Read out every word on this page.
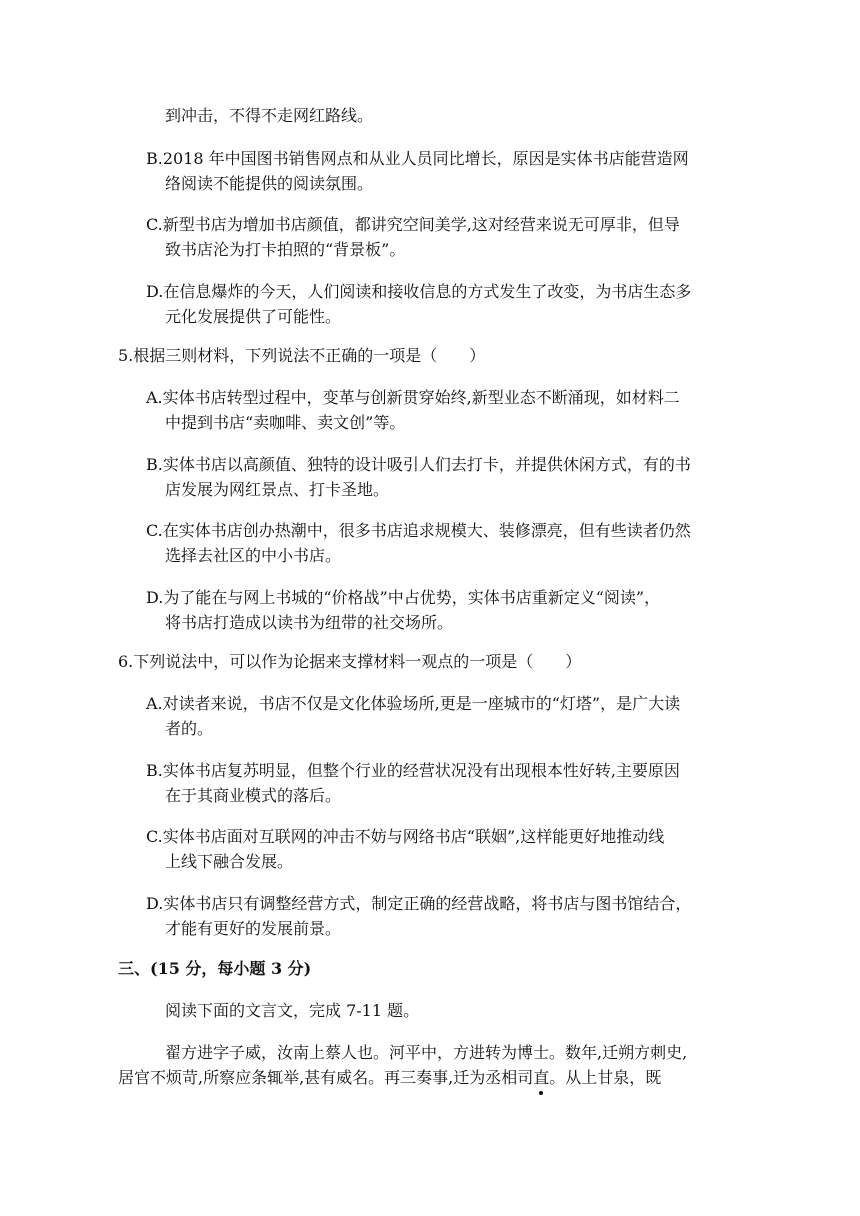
到冲击，不得不走网红路线。
B.2018 年中国图书销售网点和从业人员同比增长，原因是实体书店能营造网
络阅读不能提供的阅读氛围。
C.新型书店为增加书店颜值，都讲究空间美学,这对经营来说无可厚非，但导
致书店沦为打卡拍照的“背景板”。
D.在信息爆炸的今天，人们阅读和接收信息的方式发生了改变，为书店生态多
元化发展提供了可能性。
5.根据三则材料，下列说法不正确的一项是（　　）
A.实体书店转型过程中，变革与创新贯穿始终,新型业态不断涌现，如材料二
中提到书店“卖咖啡、卖文创”等。
B.实体书店以高颜值、独特的设计吸引人们去打卡，并提供休闲方式，有的书
店发展为网红景点、打卡圣地。
C.在实体书店创办热潮中，很多书店追求规模大、装修漂亮，但有些读者仍然
选择去社区的中小书店。
D.为了能在与网上书城的“价格战”中占优势，实体书店重新定义“阅读”，
将书店打造成以读书为纽带的社交场所。
6.下列说法中，可以作为论据来支撑材料一观点的一项是（　　）
A.对读者来说，书店不仅是文化体验场所,更是一座城市的“灯塔”，是广大读
者的。
B.实体书店复苏明显，但整个行业的经营状况没有出现根本性好转,主要原因
在于其商业模式的落后。
C.实体书店面对互联网的冲击不妨与网络书店“联姻”,这样能更好地推动线
上线下融合发展。
D.实体书店只有调整经营方式，制定正确的经营战略，将书店与图书馆结合，
才能有更好的发展前景。
三、(15 分，每小题 3 分)
阅读下面的文言文，完成 7-11 题。
翟方进字子威，汝南上蔡人也。河平中，方进转为博士。数年,迁朔方刺史,
居官不烦苛,所察应条辄举,甚有威名。再三奏事,迁为丞相司直
。从上甘泉，既
